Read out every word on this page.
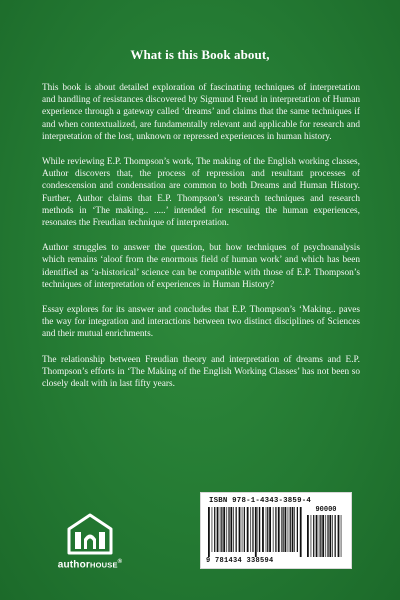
What is this Book about,

This book is about detailed exploration of fascinating techniques of interpretation and handling of resistances discovered by Sigmund Freud in interpretation of Human experience through a gateway called ‘dreams’ and claims that the same techniques if and when contextualized, are fundamentally relevant and applicable for research and interpretation of the lost, unknown or repressed experiences in human history.

While reviewing E.P. Thompson’s work, The making of the English working classes, Author discovers that, the process of repression and resultant processes of condescension and condensation are common to both Dreams and Human History. Further, Author claims that E.P. Thompson’s research techniques and research methods in ‘The making.. .....’ intended for rescuing the human experiences, resonates the Freudian technique of interpretation.

Author struggles to answer the question, but how techniques of psychoanalysis which remains ‘aloof from the enormous field of human work’ and which has been identified as ‘a-historical’ science can be compatible with those of E.P. Thompson’s techniques of interpretation of experiences in Human History?

Essay explores for its answer and concludes that E.P. Thompson’s ‘Making.. paves the way for integration and interactions between two distinct disciplines of Sciences and their mutual enrichments.

The relationship between Freudian theory and interpretation of dreams and E.P. Thompson’s efforts in ‘The Making of the English Working Classes’ has not been so closely dealt with in last fifty years.

authorHOUSE®
ISBN 978-1-4343-3859-4
90000
9 781434 338594
